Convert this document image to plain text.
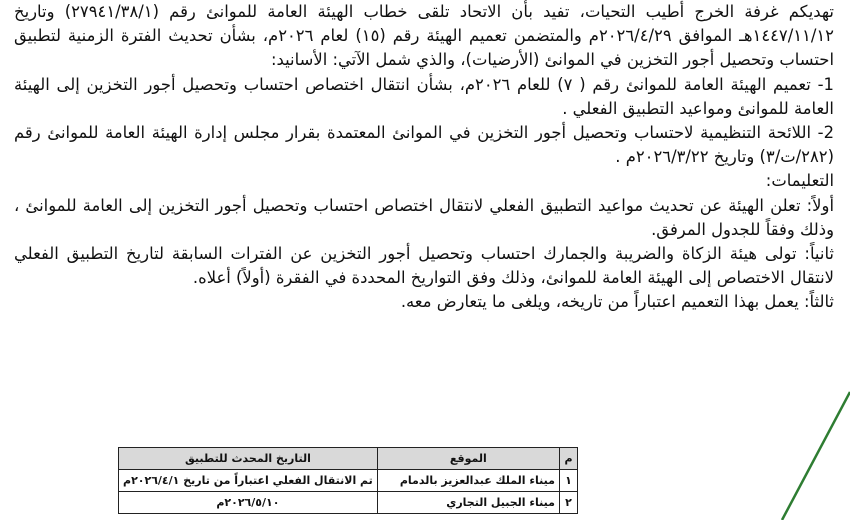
تهديكم غرفة الخرج أطيب التحيات، تفيد بأن الاتحاد تلقى خطاب الهيئة العامة للموانئ رقم (٢٧٩٤١/٣٨/١) وتاريخ ١٤٤٧/١١/١٢هـ الموافق ٢٠٢٦/٤/٢٩م والمتضمن تعميم الهيئة رقم (١٥) لعام ٢٠٢٦م، بشأن تحديث الفترة الزمنية لتطبيق احتساب وتحصيل أجور التخزين في الموانئ (الأرضيات)، والذي شمل الآتي: الأسانيد:

1- تعميم الهيئة العامة للموانئ رقم ( ٧) للعام ٢٠٢٦م، بشأن انتقال اختصاص احتساب وتحصيل أجور التخزين إلى الهيئة العامة للموانئ ومواعيد التطبيق الفعلي .

2- اللائحة التنظيمية لاحتساب وتحصيل أجور التخزين في الموانئ المعتمدة بقرار مجلس إدارة الهيئة العامة للموانئ رقم (٢٨٢/ت/٣) وتاريخ ٢٠٢٦/٣/٢٢م .

التعليمات:

أولاً: تعلن الهيئة عن تحديث مواعيد التطبيق الفعلي لانتقال اختصاص احتساب وتحصيل أجور التخزين إلى العامة للموانئ ، وذلك وفقاً للجدول المرفق.

ثانياً: تولى هيئة الزكاة والضريبة والجمارك احتساب وتحصيل أجور التخزين عن الفترات السابقة لتاريخ التطبيق الفعلي لانتقال الاختصاص إلى الهيئة العامة للموانئ، وذلك وفق التواريخ المحددة في الفقرة (أولاً) أعلاه.

ثالثاً: يعمل بهذا التعميم اعتباراً من تاريخه، ويلغى ما يتعارض معه.

م	الموقع	التاريخ المحدث للتطبيق
١	ميناء الملك عبدالعزيز بالدمام	تم الانتقال الفعلي اعتباراً من تاريخ ٢٠٢٦/٤/١م
٢	ميناء الجبيل التجاري	٢٠٢٦/٥/١٠م
